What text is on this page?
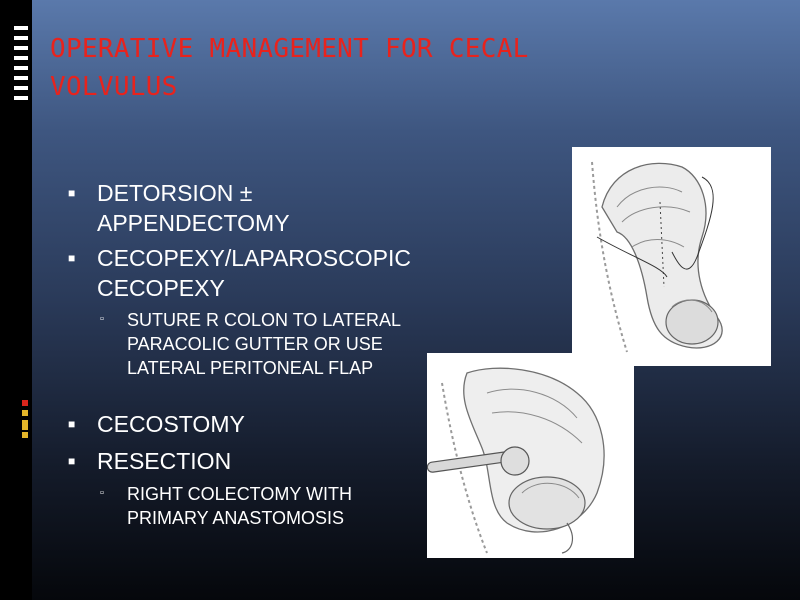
OPERATIVE MANAGEMENT FOR CECAL VOLVULUS
■ DETORSION ± APPENDECTOMY
■ CECOPEXY/LAPAROSCOPIC CECOPEXY
▫ SUTURE R COLON TO LATERAL PARACOLIC GUTTER OR USE LATERAL PERITONEAL FLAP
■ CECOSTOMY
■ RESECTION
▫ RIGHT COLECTOMY WITH PRIMARY ANASTOMOSIS
